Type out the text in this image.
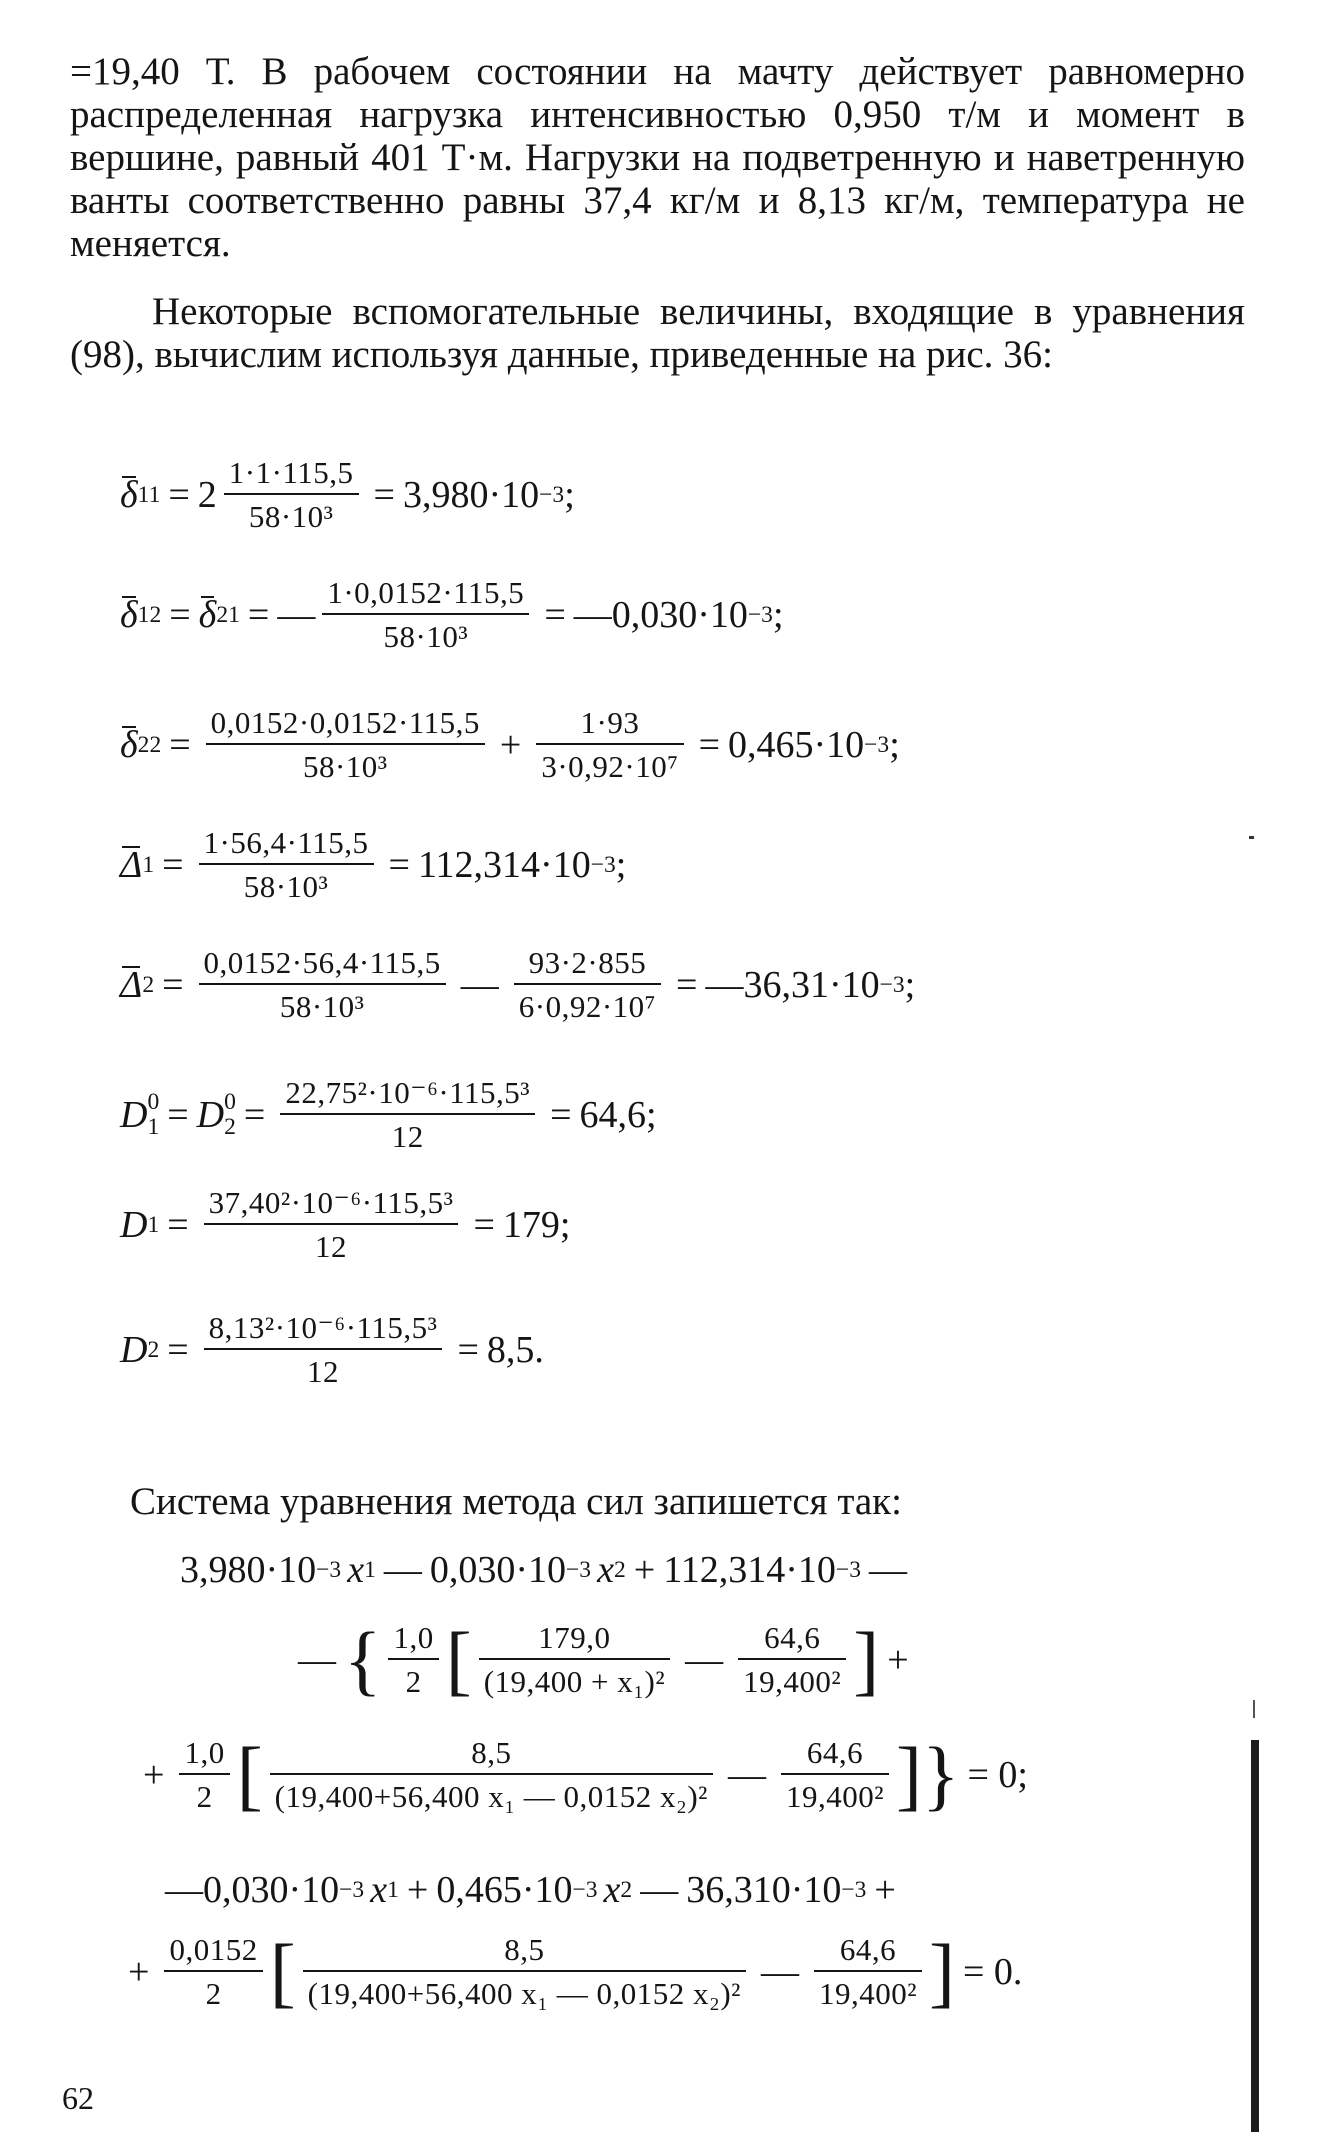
=19,40 Т. В рабочем состоянии на мачту действует равномерно распределенная нагрузка интенсивностью 0,950 т/м и момент в вершине, равный 401 Т·м. Нагрузки на подветренную и наветренную ванты соответственно равны 37,4 кг/м и 8,13 кг/м, температура не меняется.

Некоторые вспомогательные величины, входящие в уравнения (98), вычислим используя данные, приведенные на рис. 36:

δ $11 = 2 \frac{1\cdot 1\cdot 115,5}{\text{58·10³}} = 3,980\cdot 10 -3$ ;
δ 12 = δ 21 = — $\frac{1\cdot 0,0152\cdot 115,5}{\text{58·10³}}$ = — 0,030·10 −3 ;
δ $22 = \frac{0,0152\cdot 0,0152\cdot 115,5}{\text{58·10³}} + \frac{1\cdot 93}{\text{3·0,92·10⁷}} = 0,465\cdot 10 -3$ ;
Δ $1 = \frac{1\cdot 56,4\cdot 115,5}{\text{58·10³}} = 112,314\cdot 10 -3$ ;
Δ $2 = \frac{0,0152\cdot 56,4\cdot 115,5}{\text{58·10³}}$ — $\frac{93\cdot 2\cdot 855}{\text{6·0,92·10⁷}}$ = — 36,31·10 −3 ;
D 0
1 = D 0
$2 = \frac{\text{22,75²·10⁻⁶·115,5³}}{12} = 64,6$;
D $1 = \frac{\text{37,40²·10⁻⁶·115,5³}}{12} = 179$;
D $2 = \frac{\text{8,13²·10⁻⁶·115,5³}}{12} = 8,5$.

Система уравнения метода сил запишется так:

3,980·10 −3 x 1 — 0,030·10 −3 x 2 + 112,314·10 −3 —
— { $\frac{1,0}{2}$ [ $\frac{179,0}{\text{(19,400 + x₁)²}}$ — $\frac{64,6}{\text{19,400²}}$ ] +
+ $\frac{1,0}{2}$ [ $\frac{8,5}{\text{(19,400+56,400 x₁ — 0,0152 x₂)²}}$ — $\frac{64,6}{\text{19,400²}}$ ]} = 0;
— 0,030·10 −3 x 1 + 0,465·10 −3 x 2 — 36,310·10 −3 +
+ $\frac{0,0152}{2}$ [ $\frac{8,5}{\text{(19,400+56,400 x₁ — 0,0152 x₂)²}}$ — $\frac{64,6}{\text{19,400²}}$ ] = 0.
62
